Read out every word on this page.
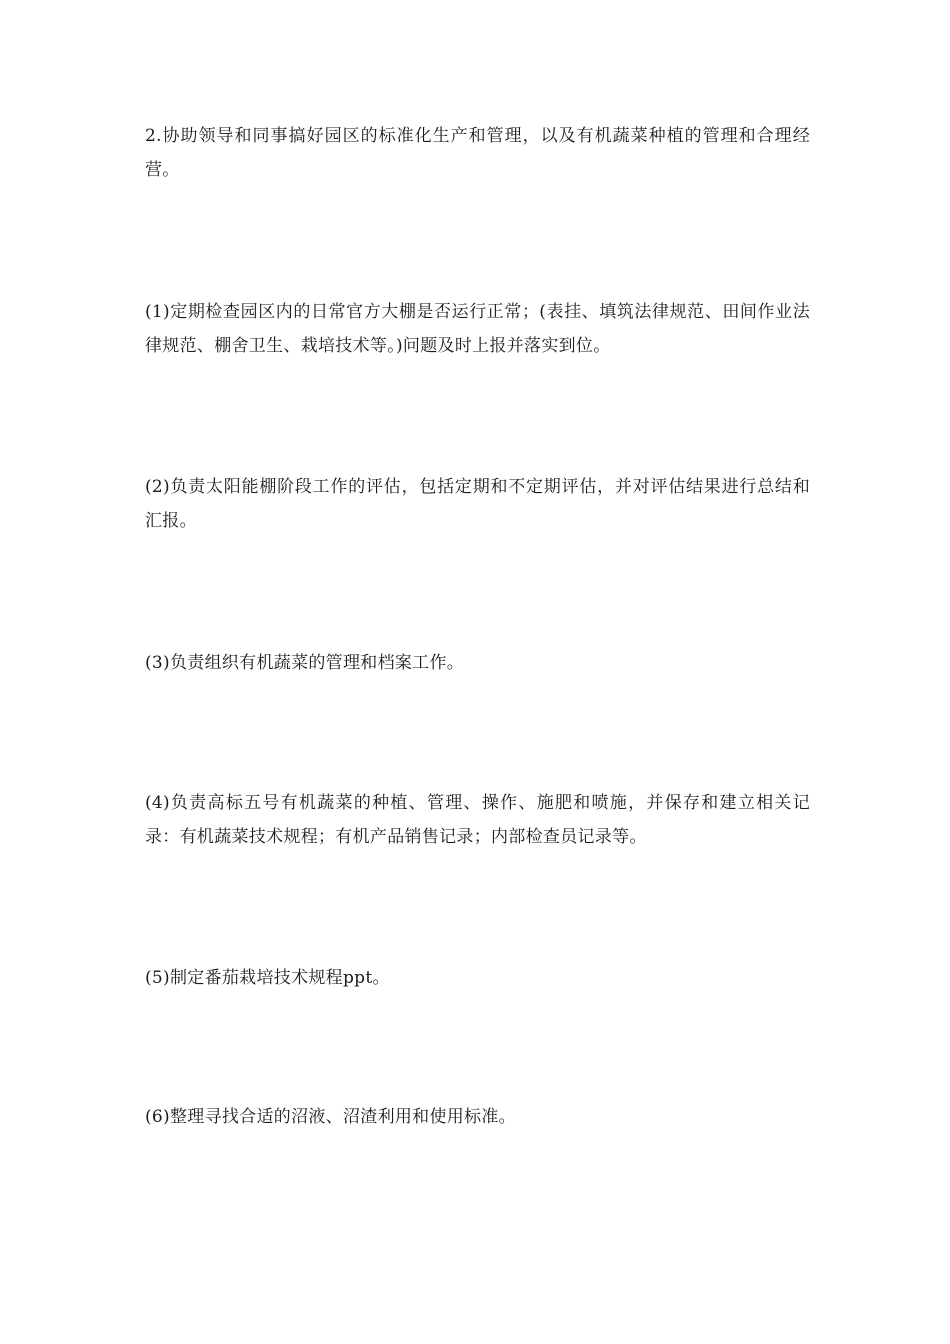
2.协助领导和同事搞好园区的标准化生产和管理，以及有机蔬菜种植的管理和合理经营。

(1)定期检查园区内的日常官方大棚是否运行正常；(表挂、填筑法律规范、田间作业法律规范、棚舍卫生、栽培技术等。)问题及时上报并落实到位。

(2)负责太阳能棚阶段工作的评估，包括定期和不定期评估，并对评估结果进行总结和汇报。

(3)负责组织有机蔬菜的管理和档案工作。

(4)负责高标五号有机蔬菜的种植、管理、操作、施肥和喷施，并保存和建立相关记录：有机蔬菜技术规程；有机产品销售记录；内部检查员记录等。

(5)制定番茄栽培技术规程ppt。

(6)整理寻找合适的沼液、沼渣利用和使用标准。
